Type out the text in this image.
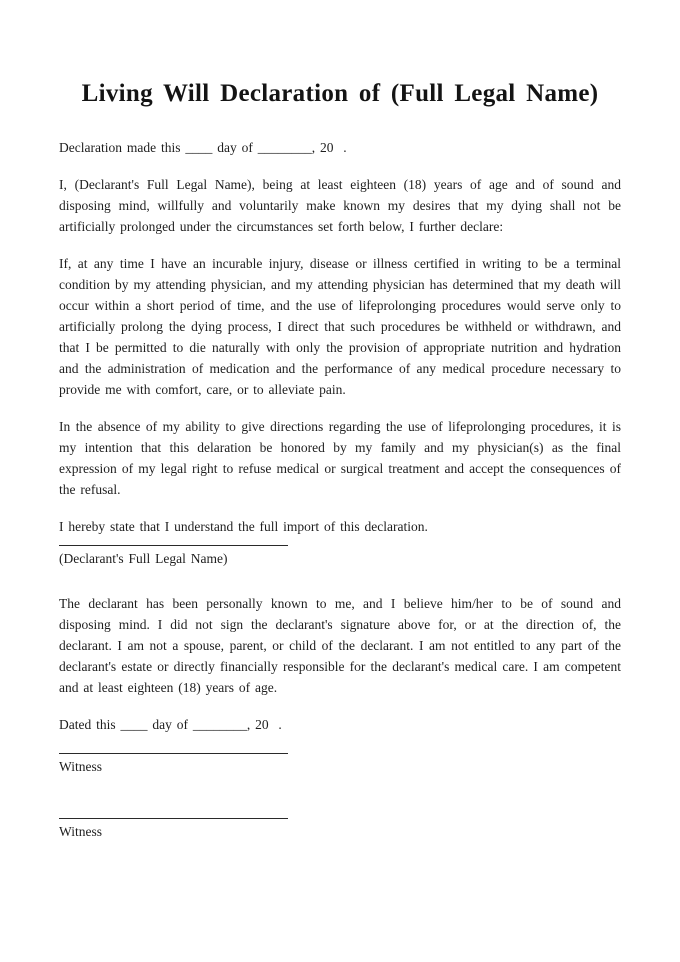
Living Will Declaration of (Full Legal Name)

Declaration made this ____ day of ________, 20  .

I, (Declarant's Full Legal Name), being at least eighteen (18) years of age and of sound and disposing mind, willfully and voluntarily make known my desires that my dying shall not be artificially prolonged under the circumstances set forth below, I further declare:

If, at any time I have an incurable injury, disease or illness certified in writing to be a terminal condition by my attending physician, and my attending physician has determined that my death will occur within a short period of time, and the use of lifeprolonging procedures would serve only to artificially prolong the dying process, I direct that such procedures be withheld or withdrawn, and that I be permitted to die naturally with only the provision of appropriate nutrition and hydration and the administration of medication and the performance of any medical procedure necessary to provide me with comfort, care, or to alleviate pain.

In the absence of my ability to give directions regarding the use of lifeprolonging procedures, it is my intention that this delaration be honored by my family and my physician(s) as the final expression of my legal right to refuse medical or surgical treatment and accept the consequences of the refusal.

I hereby state that I understand the full import of this declaration.

(Declarant's Full Legal Name)

The declarant has been personally known to me, and I believe him/her to be of sound and disposing mind. I did not sign the declarant's signature above for, or at the direction of, the declarant. I am not a spouse, parent, or child of the declarant. I am not entitled to any part of the declarant's estate or directly financially responsible for the declarant's medical care. I am competent and at least eighteen (18) years of age.

Dated this ____ day of ________, 20  .

Witness
Witness
